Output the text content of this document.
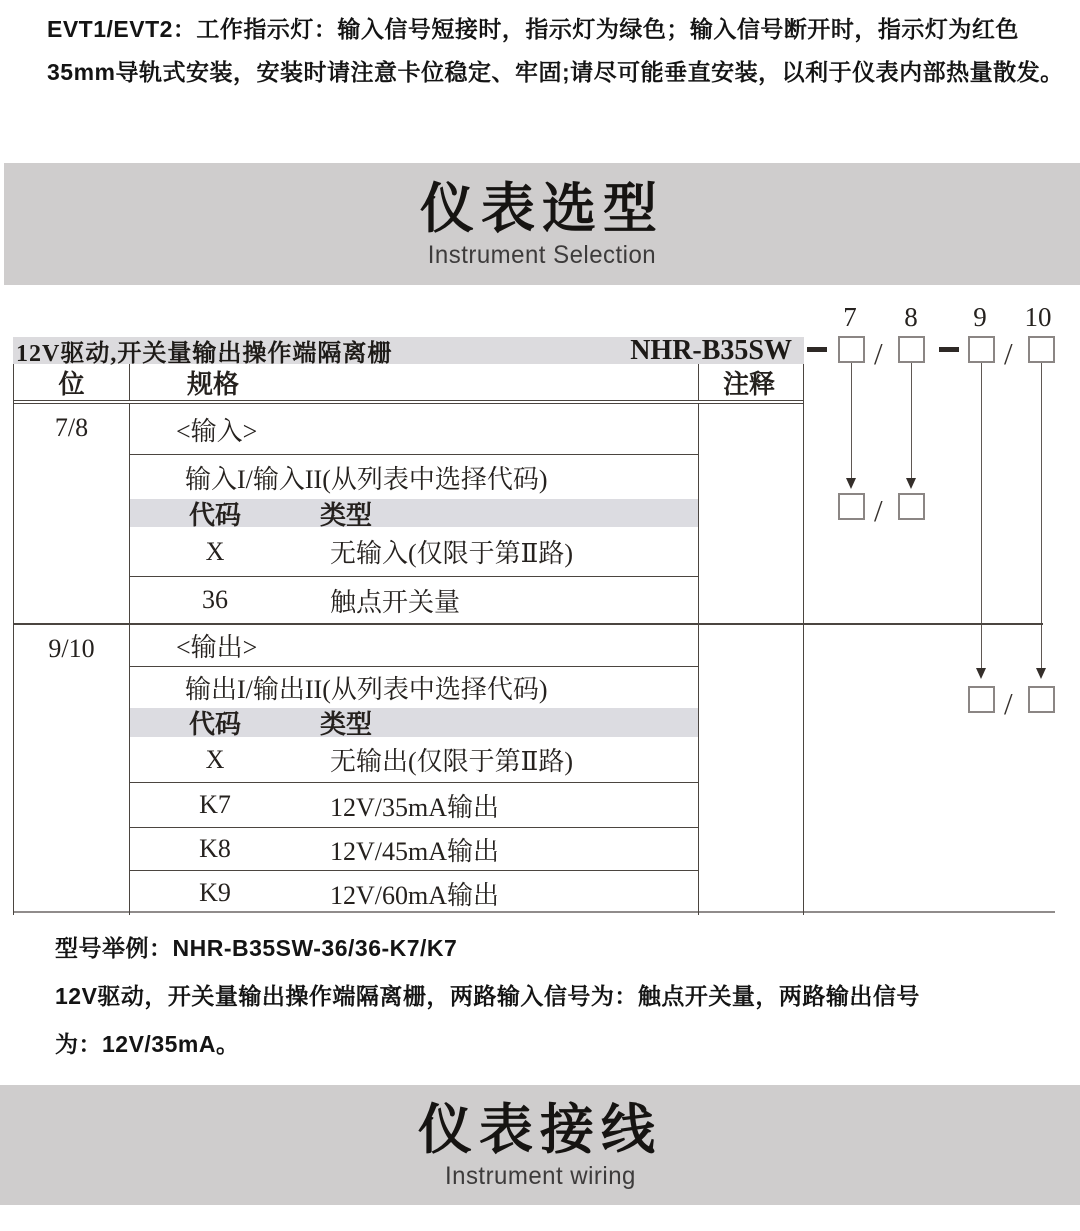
EVT1/EVT2：工作指示灯：输入信号短接时，指示灯为绿色；输入信号断开时，指示灯为红色
35mm导轨式安装，安装时请注意卡位稳定、牢固;请尽可能垂直安装，以利于仪表内部热量散发。
仪表选型
Instrument Selection
7	8	9	10
/	/
/
/
12V驱动,开关量输出操作端隔离栅	NHR-B35SW
位	规格	注释
7/8	<输入>
输入I/输入II(从列表中选择代码)
代码	类型
X	无输入(仅限于第Ⅱ路)
36	触点开关量
9/10	<输出>
输出I/输出II(从列表中选择代码)
代码	类型
X	无输出(仅限于第Ⅱ路)
K7	12V/35mA输出
K8	12V/45mA输出
K9	12V/60mA输出
型号举例：NHR-B35SW-36/36-K7/K7
12V驱动，开关量输出操作端隔离栅，两路输入信号为：触点开关量，两路输出信号
为：12V/35mA。
仪表接线
Instrument wiring
